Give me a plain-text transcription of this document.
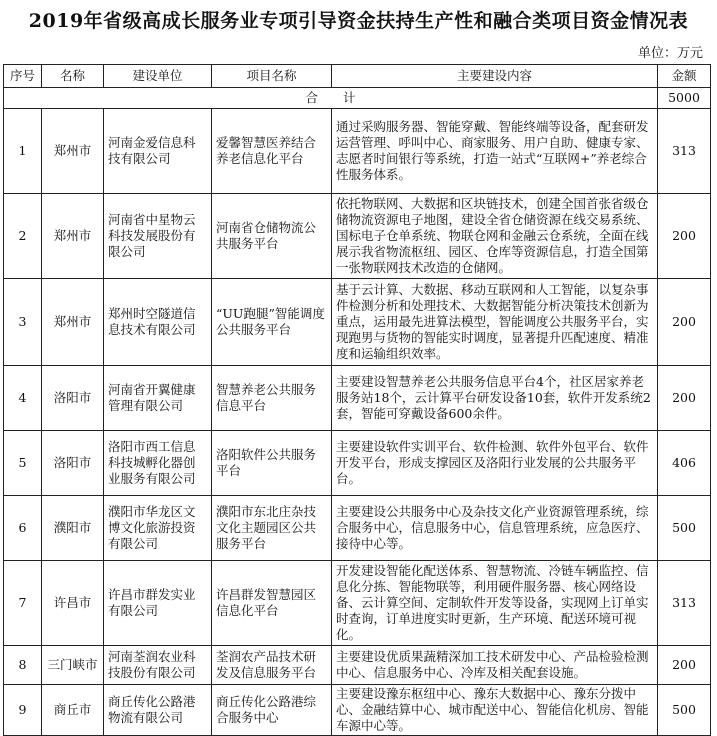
2019年省级高成长服务业专项引导资金扶持生产性和融合类项目资金情况表
单位：万元
序号	名称	建设单位	项目名称	主要建设内容	金额
合　　计					5000
1	郑州市	河南金爱信息科技有限公司	爱馨智慧医养结合养老信息化平台	通过采购服务器、智能穿戴、智能终端等设备，配套研发运营管理、呼叫中心、商家服务、用户自助、健康专家、志愿者时间银行等系统，打造一站式“互联网+”养老综合性服务体系。	313
2	郑州市	河南省中星物云科技发展股份有限公司	河南省仓储物流公共服务平台	依托物联网、大数据和区块链技术，创建全国首张省级仓储物流资源电子地图，建设全省仓储资源在线交易系统、国标电子仓单系统、物联仓网和金融云仓系统，全面在线展示我省物流枢纽、园区、仓库等资源信息，打造全国第一张物联网技术改造的仓储网。	200
3	郑州市	郑州时空隧道信息技术有限公司	“UU跑腿”智能调度公共服务平台	基于云计算、大数据、移动互联网和人工智能，以复杂事件检测分析和处理技术、大数据智能分析决策技术创新为重点，运用最先进算法模型，智能调度公共服务平台，实现跑男与货物的智能实时调度，显著提升匹配速度、精准度和运输组织效率。	200
4	洛阳市	河南省开翼健康管理有限公司	智慧养老公共服务信息平台	主要建设智慧养老公共服务信息平台4个，社区居家养老服务站18个，云计算平台研发设备10套，软件开发系统2套，智能可穿戴设备600余件。	200
5	洛阳市	洛阳市西工信息科技城孵化器创业服务有限公司	洛阳软件公共服务平台	主要建设软件实训平台、软件检测、软件外包平台、软件开发平台，形成支撑园区及洛阳行业发展的公共服务平台。	406
6	濮阳市	濮阳市华龙区文博文化旅游投资有限公司	濮阳市东北庄杂技文化主题园区公共服务平台	主要建设公共服务中心及杂技文化产业资源管理系统，综合服务中心，信息服务中心，信息管理系统，应急医疗、接待中心等。	500
7	许昌市	许昌市群发实业有限公司	许昌群发智慧园区信息化平台	开发建设智能化配送体系、智慧物流、冷链车辆监控、信息化分拣、智能物联等，利用硬件服务器、核心网络设备、云计算空间、定制软件开发等设备，实现网上订单实时查询，订单进度实时更新，生产环境、配送环境可视化。	313
8	三门峡市	河南荃润农业科技股份有限公司	荃润农产品技术研发及信息服务平台	主要建设优质果蔬精深加工技术研发中心、产品检验检测中心、信息服务中心、冷库及相关配套设施。	200
9	商丘市	商丘传化公路港物流有限公司	商丘传化公路港综合服务中心	主要建设豫东枢纽中心、豫东大数据中心、豫东分拨中心、金融结算中心、城市配送中心、智能信化机房、智能车源中心等。	500
